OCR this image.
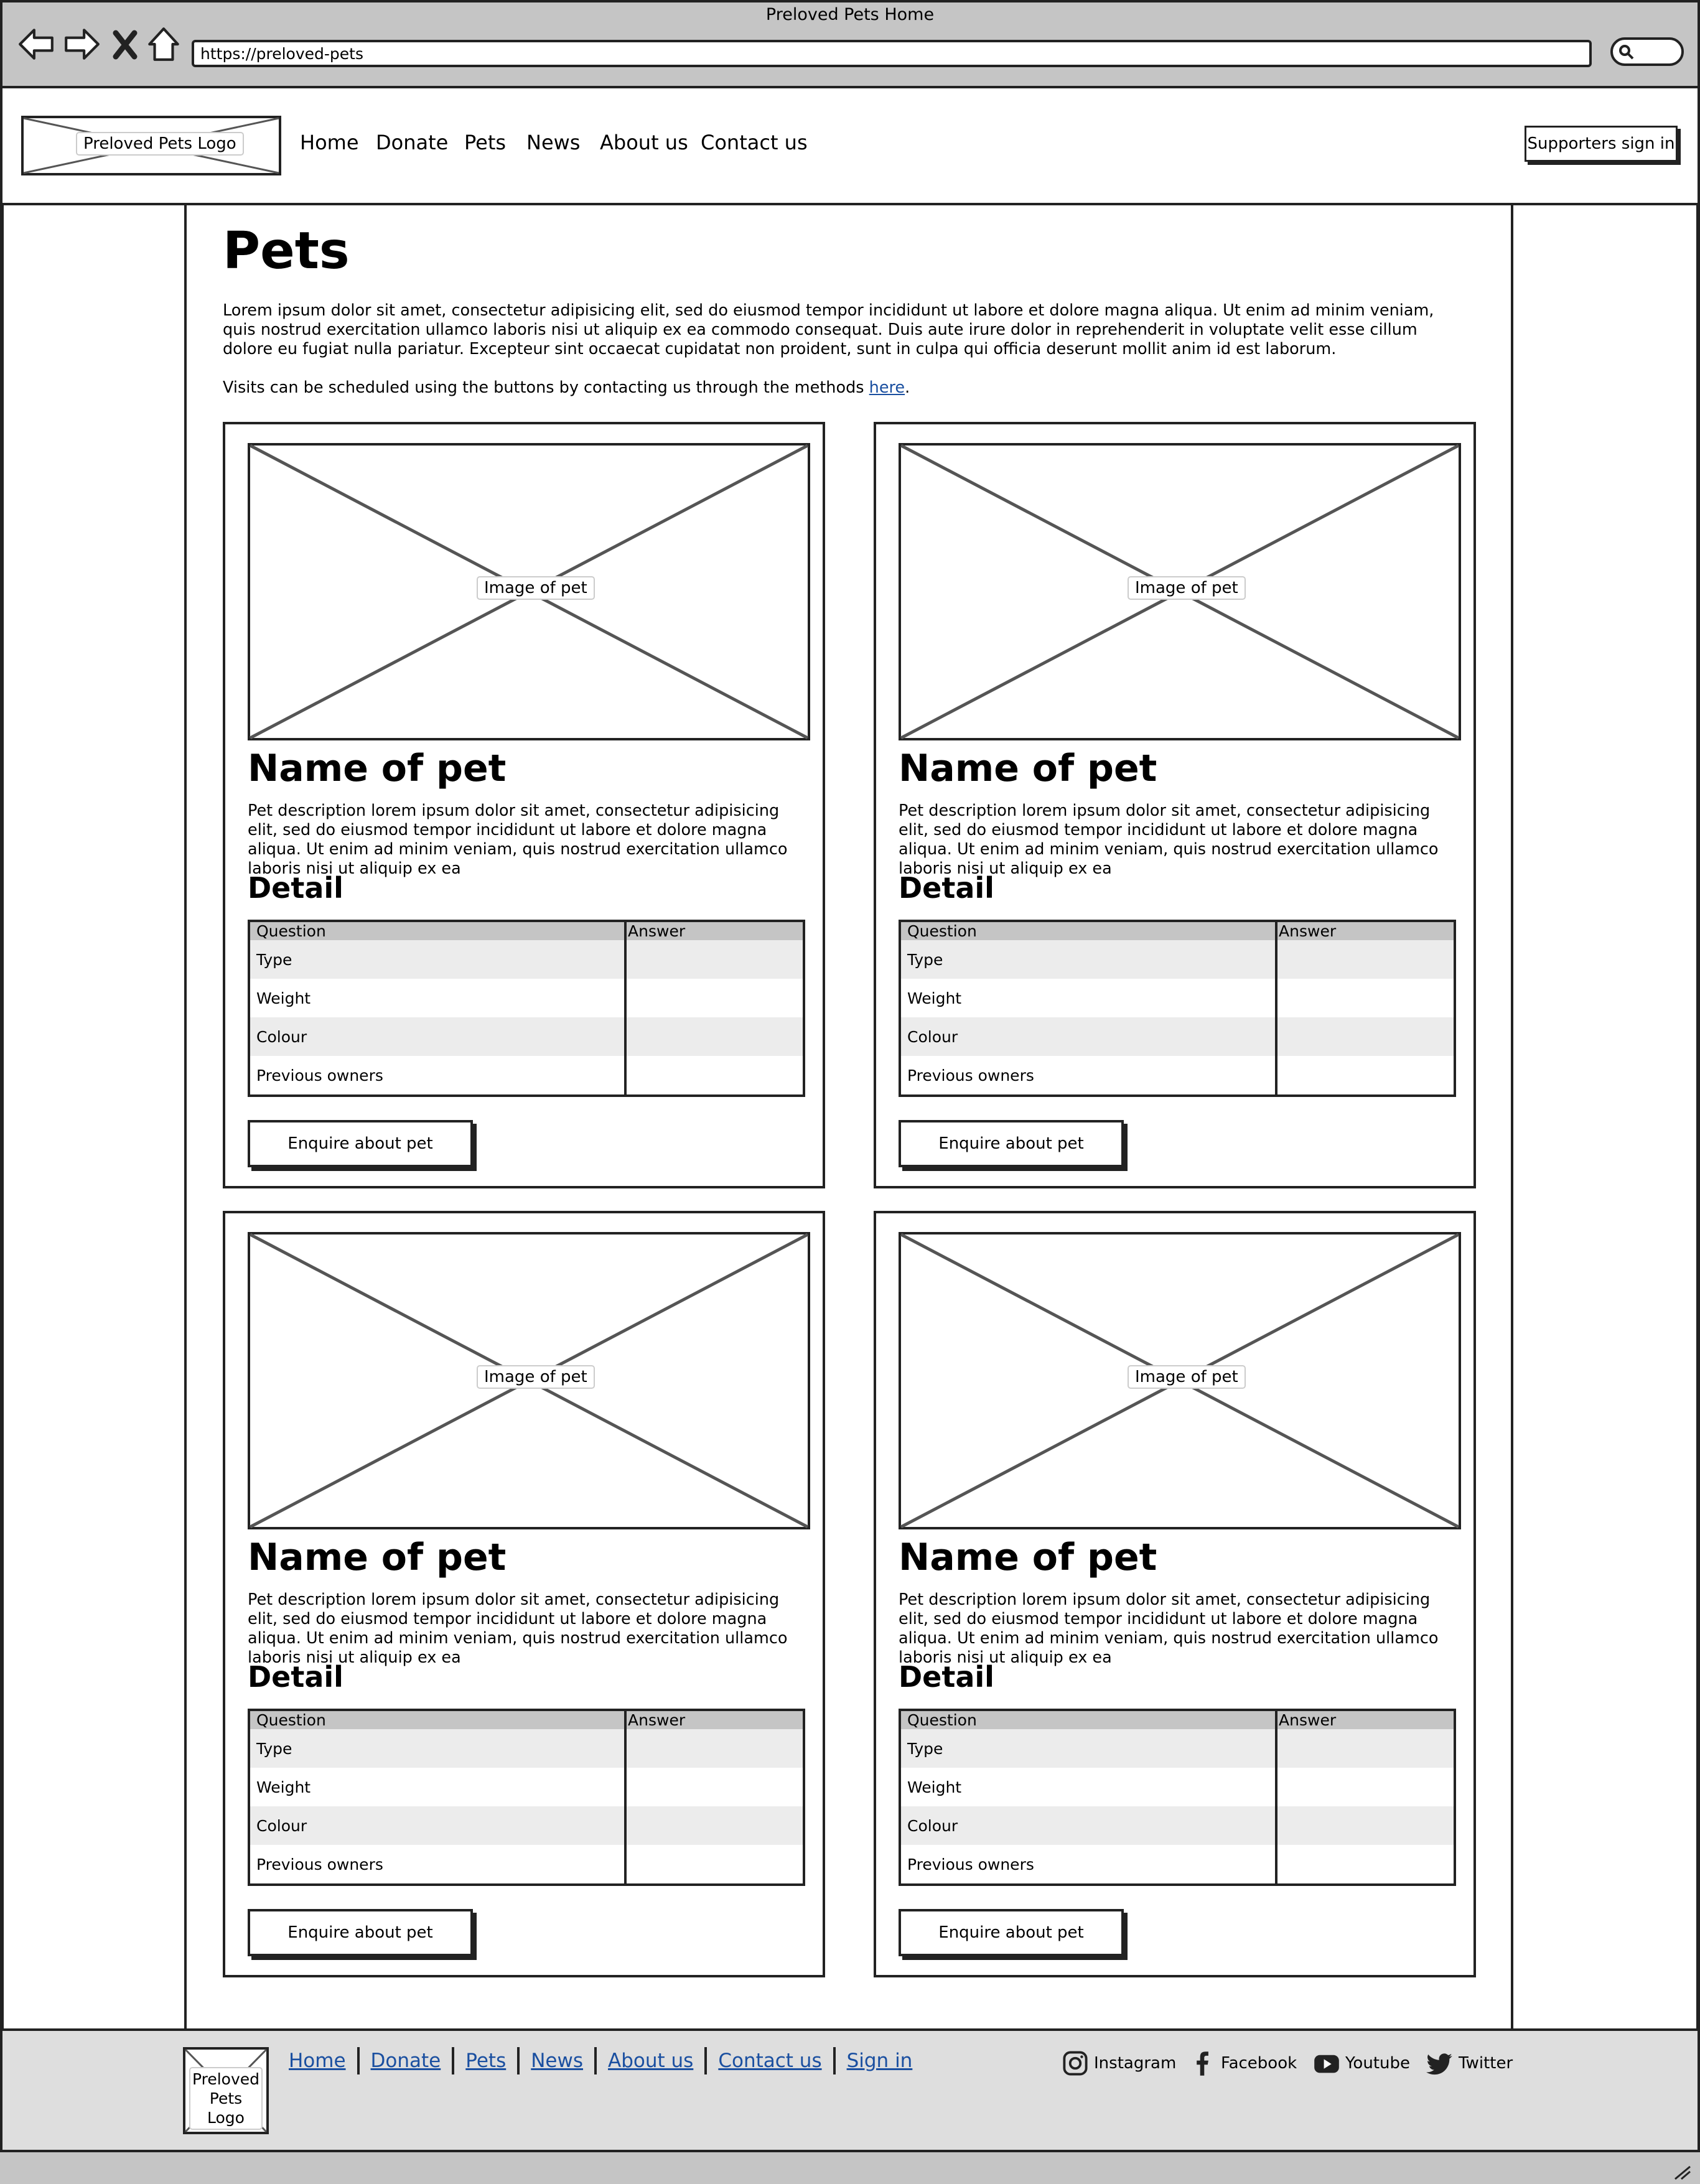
Preloved Pets Home
https://preloved-pets
Preloved Pets Logo	Home Donate Pets News About us Contact us	Supporters sign in
Pets
Lorem ipsum dolor sit amet, consectetur adipisicing elit, sed do eiusmod tempor incididunt ut labore et dolore magna aliqua. Ut enim ad minim veniam, quis nostrud exercitation ullamco laboris nisi ut aliquip ex ea commodo consequat. Duis aute irure dolor in reprehenderit in voluptate velit esse cillum dolore eu fugiat nulla pariatur. Excepteur sint occaecat cupidatat non proident, sunt in culpa qui officia deserunt mollit anim id est laborum.
Visits can be scheduled using the buttons by contacting us through the methods here.
Image of pet
Name of pet
Pet description lorem ipsum dolor sit amet, consectetur adipisicing elit, sed do eiusmod tempor incididunt ut labore et dolore magna aliqua. Ut enim ad minim veniam, quis nostrud exercitation ullamco laboris nisi ut aliquip ex ea
Detail
Question	Answer
Type	
Weight	
Colour	
Previous owners	
Enquire about pet
Image of pet
Name of pet
Pet description lorem ipsum dolor sit amet, consectetur adipisicing elit, sed do eiusmod tempor incididunt ut labore et dolore magna aliqua. Ut enim ad minim veniam, quis nostrud exercitation ullamco laboris nisi ut aliquip ex ea
Detail
Question	Answer
Type	
Weight	
Colour	
Previous owners	
Enquire about pet
Image of pet
Name of pet
Pet description lorem ipsum dolor sit amet, consectetur adipisicing elit, sed do eiusmod tempor incididunt ut labore et dolore magna aliqua. Ut enim ad minim veniam, quis nostrud exercitation ullamco laboris nisi ut aliquip ex ea
Detail
Question	Answer
Type	
Weight	
Colour	
Previous owners	
Enquire about pet
Image of pet
Name of pet
Pet description lorem ipsum dolor sit amet, consectetur adipisicing elit, sed do eiusmod tempor incididunt ut labore et dolore magna aliqua. Ut enim ad minim veniam, quis nostrud exercitation ullamco laboris nisi ut aliquip ex ea
Detail
Question	Answer
Type	
Weight	
Colour	
Previous owners	
Enquire about pet
Preloved Pets Logo
Home Donate Pets News About us Contact us Sign in	Instagram	Facebook	Youtube	Twitter
